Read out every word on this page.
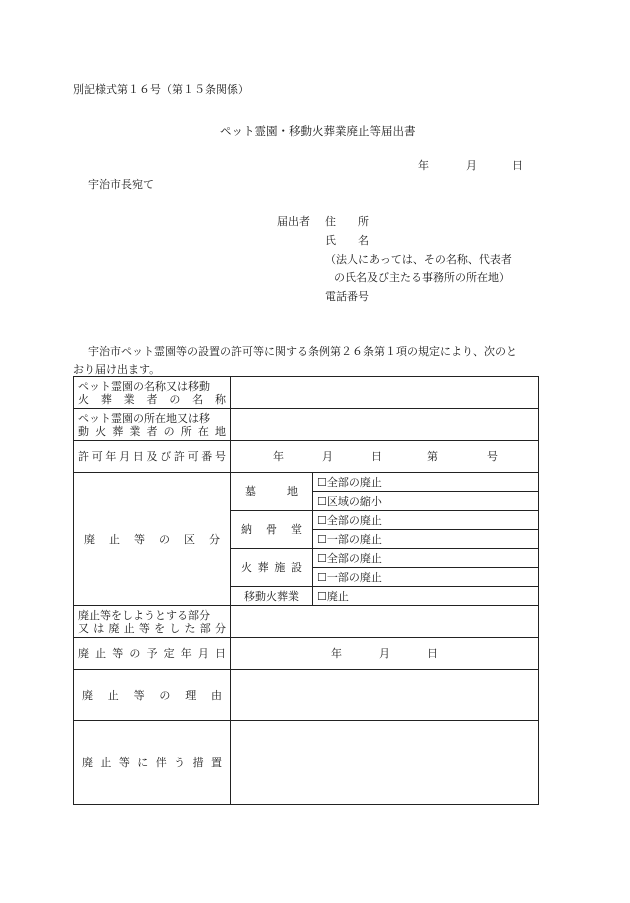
別記様式第１６号（第１５条関係）
ペット霊園・移動火葬業廃止等届出書
年	月	日
宇治市長宛て
届出者 住　　所
氏　　名
（法人にあっては、その名称、代表者
の氏名及び主たる事務所の所在地）
電話番号
宇治市ペット霊園等の設置の許可等に関する条例第２６条第１項の規定により、次のと
おり届け出ます。
ペット霊園の名称又は移動
火葬業者の名称		

ペット霊園の所在地又は移
動火葬業者の所在地		

許可年月日及び許可番号	年 月 日 第 号	

廃止等の区分	墓地	☐全部の廃止
		☐区域の縮小

	納骨堂	☐全部の廃止
		☐一部の廃止

	火葬施設	☐全部の廃止
		☐一部の廃止
	移動火葬業	☐廃止

廃止等をしようとする部分
又は廃止等をした部分		

廃止等の予定年月日	年 月 日	

廃止等の理由		

廃止等に伴う措置		
